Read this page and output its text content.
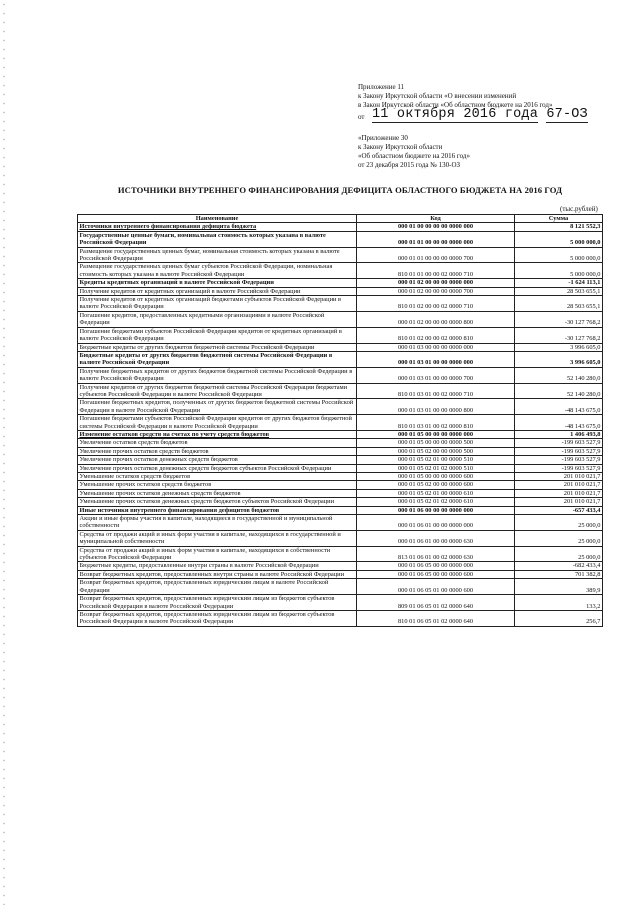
Приложение 11
к Закону Иркутской области «О внесении изменений
в Закон Иркутской области «Об областном бюджете на 2016 год»
от 11 октября 2016 года 67-ОЗ
«Приложение 30
к Закону Иркутской области
«Об областном бюджете на 2016 год»
от 23 декабря 2015 года № 130-ОЗ
ИСТОЧНИКИ ВНУТРЕННЕГО ФИНАНСИРОВАНИЯ ДЕФИЦИТА ОБЛАСТНОГО БЮДЖЕТА НА 2016 ГОД
(тыс.рублей)
Наименование	Код	Сумма
Источники внутреннего финансирования дефицита бюджета	000 01 00 00 00 00 0000 000	8 121 552,3
Государственные ценные бумаги, номинальная стоимость которых указана в валюте Российской Федерации	000 01 01 00 00 00 0000 000	5 000 000,0
Размещение государственных ценных бумаг, номинальная стоимость которых указана в валюте Российской Федерации	000 01 01 00 00 00 0000 700	5 000 000,0
Размещение государственных ценных бумаг субъектов Российской Федерации, номинальная стоимость которых указана в валюте Российской Федерации	810 01 01 00 00 02 0000 710	5 000 000,0
Кредиты кредитных организаций в валюте Российской Федерации	000 01 02 00 00 00 0000 000	-1 624 113,1
Получение кредитов от кредитных организаций в валюте Российской Федерации	000 01 02 00 00 00 0000 700	28 503 655,1
Получение кредитов от кредитных организаций бюджетами субъектов Российской Федерации в валюте Российской Федерации	810 01 02 00 00 02 0000 710	28 503 655,1
Погашение кредитов, предоставленных кредитными организациями в валюте Российской Федерации	000 01 02 00 00 00 0000 800	-30 127 768,2
Погашение бюджетами субъектов Российской Федерации кредитов от кредитных организаций в валюте Российской Федерации	810 01 02 00 00 02 0000 810	-30 127 768,2
Бюджетные кредиты от других бюджетов бюджетной системы Российской Федерации	000 01 03 00 00 00 0000 000	3 996 605,0
Бюджетные кредиты от других бюджетов бюджетной системы Российской Федерации в валюте Российской Федерации	000 01 03 01 00 00 0000 000	3 996 605,0
Получение бюджетных кредитов от других бюджетов бюджетной системы Российской Федерации в валюте Российской Федерации	000 01 03 01 00 00 0000 700	52 140 280,0
Получение кредитов от других бюджетов бюджетной системы Российской Федерации бюджетами субъектов Российской Федерации в валюте Российской Федерации	810 01 03 01 00 02 0000 710	52 140 280,0
Погашение бюджетных кредитов, полученных от других бюджетов бюджетной системы Российской Федерации в валюте Российской Федерации	000 01 03 01 00 00 0000 800	-48 143 675,0
Погашение бюджетами субъектов Российской Федерации кредитов от других бюджетов бюджетной системы Российской Федерации в валюте Российской Федерации	810 01 03 01 00 02 0000 810	-48 143 675,0
Изменение остатков средств на счетах по учету средств бюджетов	000 01 05 00 00 00 0000 000	1 406 493,8
Увеличение остатков средств бюджетов	000 01 05 00 00 00 0000 500	-199 603 527,9
Увеличение прочих остатков средств бюджетов	000 01 05 02 00 00 0000 500	-199 603 527,9
Увеличение прочих остатков денежных средств бюджетов	000 01 05 02 01 00 0000 510	-199 603 527,9
Увеличение прочих остатков денежных средств бюджетов субъектов Российской Федерации	000 01 05 02 01 02 0000 510	-199 603 527,9
Уменьшение остатков средств бюджетов	000 01 05 00 00 00 0000 600	201 010 021,7
Уменьшение прочих остатков средств бюджетов	000 01 05 02 00 00 0000 600	201 010 021,7
Уменьшение прочих остатков денежных средств бюджетов	000 01 05 02 01 00 0000 610	201 010 021,7
Уменьшение прочих остатков денежных средств бюджетов субъектов Российской Федерации	000 01 05 02 01 02 0000 610	201 010 021,7
Иные источники внутреннего финансирования дефицитов бюджетов	000 01 06 00 00 00 0000 000	-657 433,4
Акции и иные формы участия в капитале, находящиеся в государственной и муниципальной собственности	000 01 06 01 00 00 0000 000	25 000,0
Средства от продажи акций и иных форм участия в капитале, находящихся в государственной и муниципальной собственности	000 01 06 01 00 00 0000 630	25 000,0
Средства от продажи акций и иных форм участия в капитале, находящихся в собственности субъектов Российской Федерации	813 01 06 01 00 02 0000 630	25 000,0
Бюджетные кредиты, предоставленные внутри страны в валюте Российской Федерации	000 01 06 05 00 00 0000 000	-682 433,4
Возврат бюджетных кредитов, предоставленных внутри страны в валюте Российской Федерации	000 01 06 05 00 00 0000 600	701 382,8
Возврат бюджетных кредитов, предоставленных юридическим лицам в валюте Российской Федерации	000 01 06 05 01 00 0000 600	389,9
Возврат бюджетных кредитов, предоставленных юридическим лицам из бюджетов субъектов Российской Федерации в валюте Российской Федерации	809 01 06 05 01 02 0000 640	133,2
Возврат бюджетных кредитов, предоставленных юридическим лицам из бюджетов субъектов Российской Федерации в валюте Российской Федерации	810 01 06 05 01 02 0000 640	256,7
